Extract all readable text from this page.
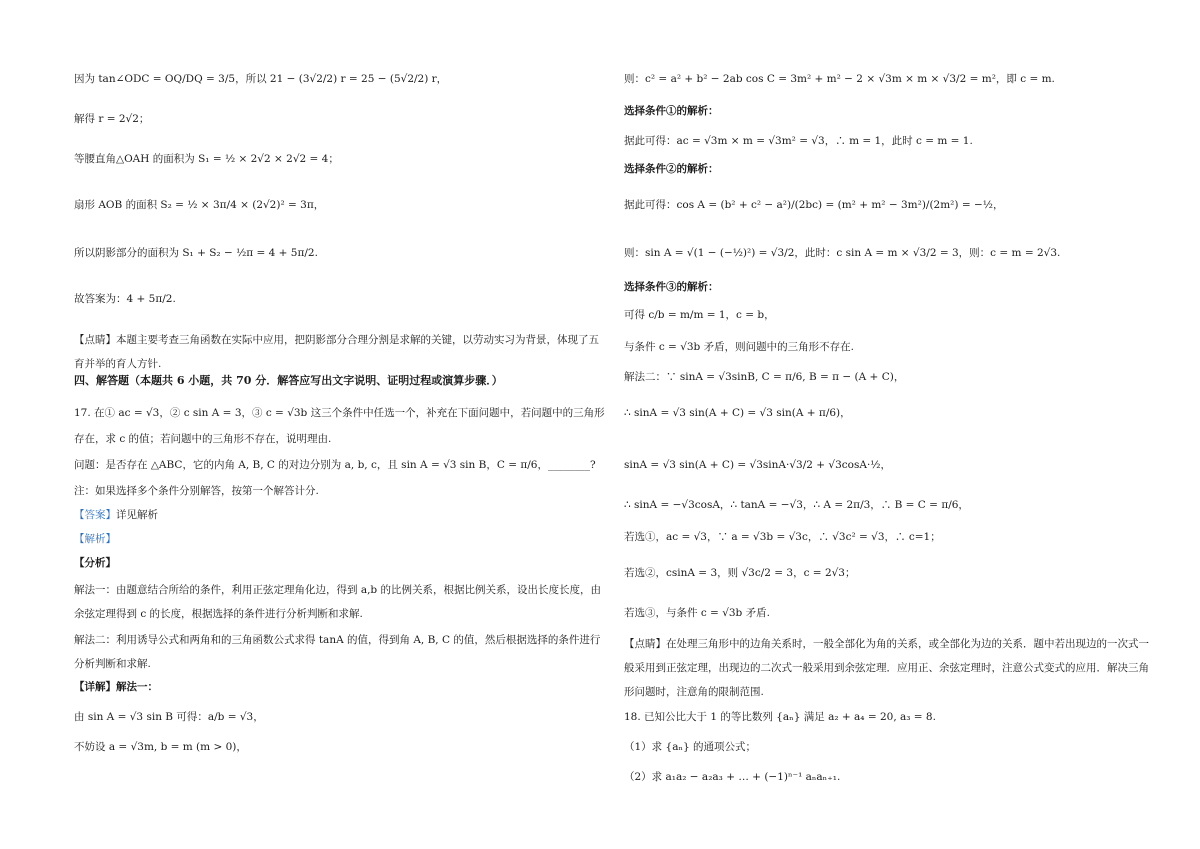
因为 tan∠ODC = OQ/DQ = 3/5，所以 21 − (3√2/2) r = 25 − (5√2/2) r，
解得 r = 2√2；
等腰直角△OAH 的面积为 S₁ = ½ × 2√2 × 2√2 = 4；
扇形 AOB 的面积 S₂ = ½ × 3π/4 × (2√2)² = 3π，
所以阴影部分的面积为 S₁ + S₂ − ½π = 4 + 5π/2.
故答案为：4 + 5π/2.
【点睛】本题主要考查三角函数在实际中应用，把阴影部分合理分割是求解的关键，以劳动实习为背景，体现了五育并举的育人方针.
四、解答题（本题共 6 小题，共 70 分．解答应写出文字说明、证明过程或演算步骤．）
17. 在① ac = √3，② c sin A = 3，③ c = √3b 这三个条件中任选一个，补充在下面问题中，若问题中的三角形存在，求 c 的值；若问题中的三角形不存在，说明理由.
问题：是否存在 △ABC，它的内角 A, B, C 的对边分别为 a, b, c，且 sin A = √3 sin B，C = π/6，________?
注：如果选择多个条件分别解答，按第一个解答计分.
【答案】详见解析
【解析】
【分析】
解法一：由题意结合所给的条件，利用正弦定理角化边，得到 a,b 的比例关系，根据比例关系，设出长度长度，由余弦定理得到 c 的长度，根据选择的条件进行分析判断和求解.
解法二：利用诱导公式和两角和的三角函数公式求得 tanA 的值，得到角 A, B, C 的值，然后根据选择的条件进行分析判断和求解.
【详解】解法一：
由 sin A = √3 sin B 可得：a/b = √3，
不妨设 a = √3m, b = m (m > 0)，
则：c² = a² + b² − 2ab cos C = 3m² + m² − 2 × √3m × m × √3/2 = m²，即 c = m.
选择条件①的解析：
据此可得：ac = √3m × m = √3m² = √3，∴ m = 1，此时 c = m = 1.
选择条件②的解析：
据此可得：cos A = (b² + c² − a²)/(2bc) = (m² + m² − 3m²)/(2m²) = −½，
则：sin A = √(1 − (−½)²) = √3/2，此时：c sin A = m × √3/2 = 3，则：c = m = 2√3.
选择条件③的解析：
可得 c/b = m/m = 1，c = b，
与条件 c = √3b 矛盾，则问题中的三角形不存在.
解法二：∵ sinA = √3sinB, C = π/6, B = π − (A + C)，
∴ sinA = √3 sin(A + C) = √3 sin(A + π/6)，
sinA = √3 sin(A + C) = √3sinA·√3/2 + √3cosA·½，
∴ sinA = −√3cosA，∴ tanA = −√3，∴ A = 2π/3，∴ B = C = π/6，
若选①，ac = √3，∵ a = √3b = √3c，∴ √3c² = √3，∴ c=1；
若选②，csinA = 3，则 √3c/2 = 3，c = 2√3；
若选③，与条件 c = √3b 矛盾.
【点睛】在处理三角形中的边角关系时，一般全部化为角的关系，或全部化为边的关系．题中若出现边的一次式一般采用到正弦定理，出现边的二次式一般采用到余弦定理．应用正、余弦定理时，注意公式变式的应用．解决三角形问题时，注意角的限制范围.
18. 已知公比大于 1 的等比数列 {aₙ} 满足 a₂ + a₄ = 20, a₃ = 8.
（1）求 {aₙ} 的通项公式；
（2）求 a₁a₂ − a₂a₃ + … + (−1)ⁿ⁻¹ aₙaₙ₊₁.
